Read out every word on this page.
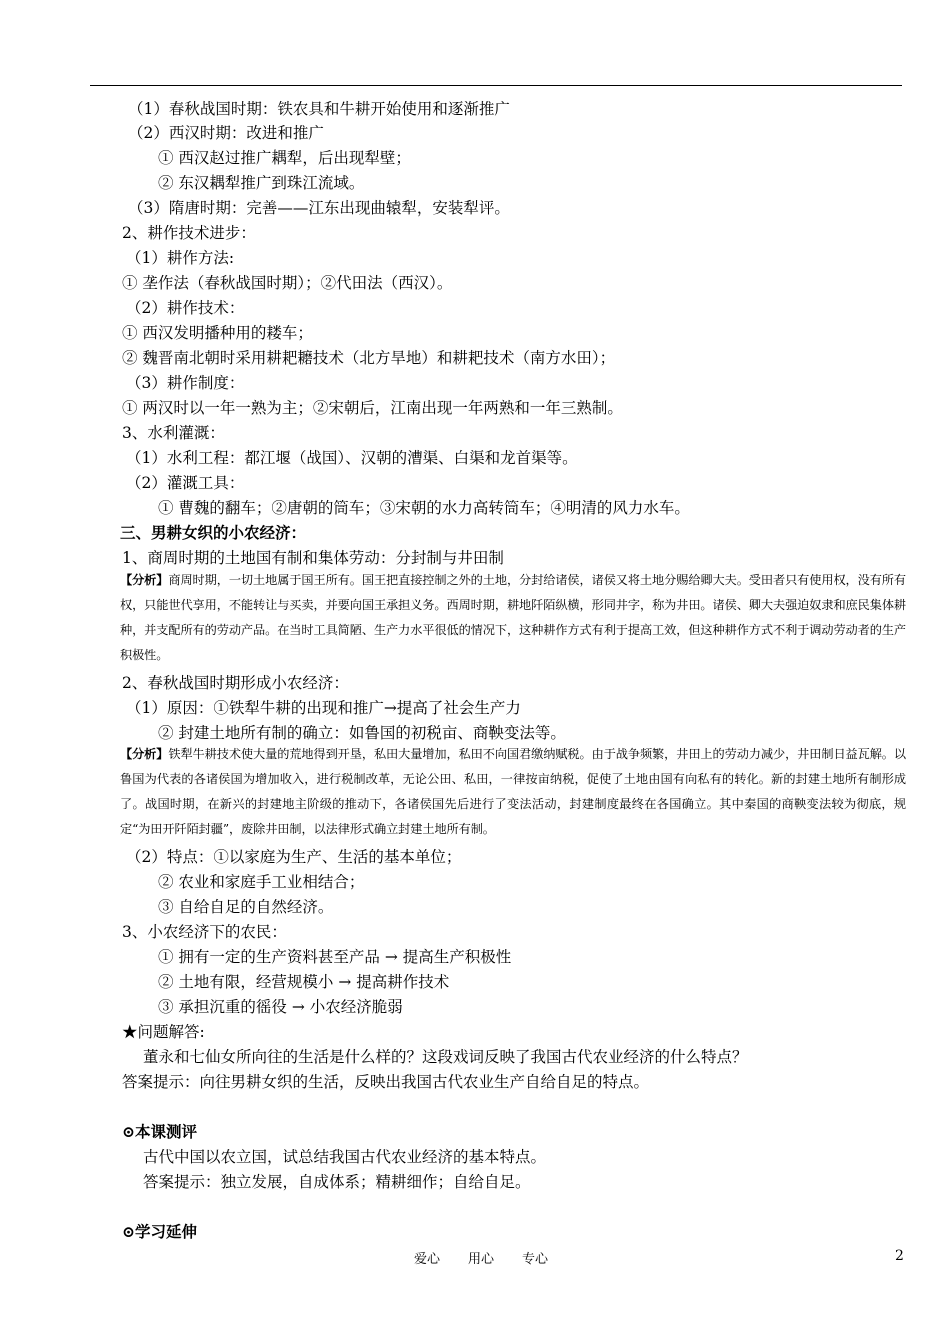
（1）春秋战国时期：铁农具和牛耕开始使用和逐渐推广
（2）西汉时期：改进和推广
① 西汉赵过推广耦犁，后出现犁壁；
② 东汉耦犁推广到珠江流域。
（3）隋唐时期：完善——江东出现曲辕犁，安装犁评。
2、耕作技术进步：
（1）耕作方法:
① 垄作法（春秋战国时期）；②代田法（西汉）。
（2）耕作技术：
① 西汉发明播种用的耧车；
② 魏晋南北朝时采用耕耙耱技术（北方旱地）和耕耙技术（南方水田）；
（3）耕作制度：
① 两汉时以一年一熟为主；②宋朝后，江南出现一年两熟和一年三熟制。
3、水利灌溉：
（1）水利工程：都江堰（战国）、汉朝的漕渠、白渠和龙首渠等。
（2）灌溉工具：
① 曹魏的翻车；②唐朝的筒车；③宋朝的水力高转筒车；④明清的风力水车。
三、男耕女织的小农经济：
1、商周时期的土地国有制和集体劳动：分封制与井田制
【分析】商周时期，一切土地属于国王所有。国王把直接控制之外的土地，分封给诸侯，诸侯又将土地分赐给卿大夫。受田者只有使用权，没有所有权，只能世代享用，不能转让与买卖，并要向国王承担义务。西周时期，耕地阡陌纵横，形同井字，称为井田。诸侯、卿大夫强迫奴隶和庶民集体耕种，并支配所有的劳动产品。在当时工具简陋、生产力水平很低的情况下，这种耕作方式有利于提高工效，但这种耕作方式不利于调动劳动者的生产积极性。
2、春秋战国时期形成小农经济：
（1）原因：①铁犁牛耕的出现和推广→提高了社会生产力
② 封建土地所有制的确立：如鲁国的初税亩、商鞅变法等。
【分析】铁犁牛耕技术使大量的荒地得到开垦，私田大量增加，私田不向国君缴纳赋税。由于战争频繁，井田上的劳动力减少，井田制日益瓦解。以鲁国为代表的各诸侯国为增加收入，进行税制改革，无论公田、私田，一律按亩纳税，促使了土地由国有向私有的转化。新的封建土地所有制形成了。战国时期，在新兴的封建地主阶级的推动下，各诸侯国先后进行了变法活动，封建制度最终在各国确立。其中秦国的商鞅变法较为彻底，规定“为田开阡陌封疆”，废除井田制，以法律形式确立封建土地所有制。
（2）特点：①以家庭为生产、生活的基本单位；
② 农业和家庭手工业相结合；
③ 自给自足的自然经济。
3、小农经济下的农民：
① 拥有一定的生产资料甚至产品 → 提高生产积极性
② 土地有限，经营规模小 → 提高耕作技术
③ 承担沉重的徭役 → 小农经济脆弱
★问题解答:
董永和七仙女所向往的生活是什么样的？这段戏词反映了我国古代农业经济的什么特点？
答案提示：向往男耕女织的生活，反映出我国古代农业生产自给自足的特点。
⊙本课测评
古代中国以农立国，试总结我国古代农业经济的基本特点。
答案提示：独立发展，自成体系；精耕细作；自给自足。
⊙学习延伸
爱心 用心 专心	2
